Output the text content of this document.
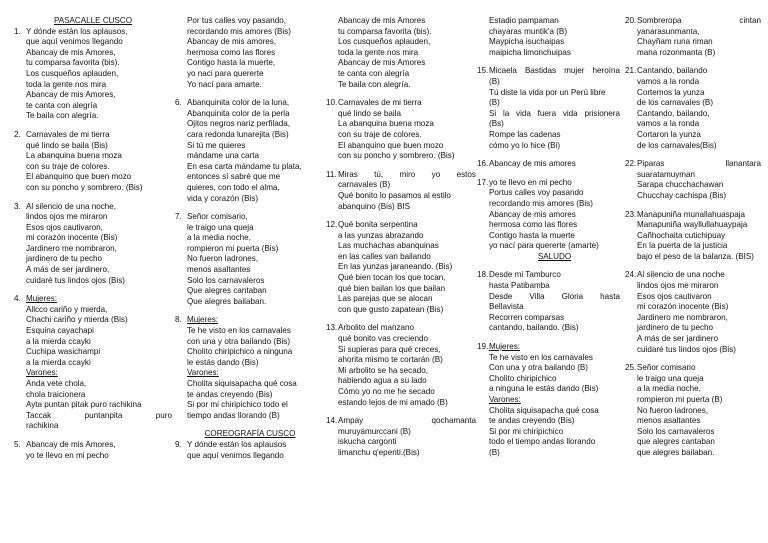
PASACALLE CUSCO
1. Y dónde están los aplausos,
que aquí venimos llegando
Abancay de mis Amores,
tu comparsa favorita (bis).
Los cusqueños aplauden,
toda la gente nos mira
Abancay de mis Amores,
te canta con alegría
Te baila con alegría.
2. Carnavales de mi tierra
qué lindo se baila (Bis)
La abanquina buena moza
con su traje de colores.
El abanquino que buen mozo
con su poncho y sombrero. (Bis)
3. Al silencio de una noche,
lindos ojos me miraron
Esos ojos cautivaron,
mi corazón inocente (Bis)
Jardinero me nombraron,
jardinero de tu pecho
A más de ser jardinero,
cuidaré tus lindos ojos (Bis)
4. Mujeres:
Allcco cariño y mierda,
Chachi cariño y mierda (Bis)
Esquina cayachapi
a la mierda ccayki
Cuchipa wasichampi
a la mierda ccayki
Varones:
Anda vete chola,
chola traicionera
Ayta puntan pitak puro rachikina
Taccak	puntanpita	puro
rachikina
5. Abancay de mis Amores,
yo te llevo en mi pecho
Por tus calles voy pasando,
recordando mis amores (Bis)
Abancay de mis amores,
hermosa como las flores
Contigo hasta la muerte,
yo naci para quererte
Yo nací para amarte.
6. Abanquinita color de la luna,
Abanquinita color de la perla
Ojitos negros nariz perfilada,
cara redonda lunarejita (Bis)
Si tú me quieres
mándame una carta
En esa carta mándame tu plata,
entonces sí sabré que me
quieres, con todo el alma,
vida y corazón (Bis)
7. Señor comisario,
le traigo una queja
a la media noche,
rompieron mi puerta (Bis)
No fueron ladrones,
menos asaltantes
Solo los carnavaleros
Que alegres cantaban
Que alegres bailaban.
8. Mujeres:
Te he visto en los carnavales
con una y otra bailando (Bis)
Cholito chiripichico a ninguna
le estás dando (Bis)
Varones:
Cholita siquisapacha qué cosa
te andas creyendo (Bis)
Si por mi chiripichico todo el
tiempo andas llorando (B)
COREOGRAFÍA CUSCO
9. Y dónde están los aplausos
que aquí venimos llegando
Abancay de mis Amores
tu comparsa favorita (bis).
Los cusqueños aplauden,
toda la gente nos mira
Abancay de mis Amores
te canta con alegría
Te baila con alegría.
10. Carnavales de mi tierra
qué lindo se baila
La abanquina buena moza
con su traje de colores.
El abanquino que buen mozo
con su poncho y sombrero. (Bis)
11. Miras tú, miro yo estos
carnavales (B)
Qué bonito lo pasamos al estilo
abanquino (Bis) BIS
12. Qué bonita serpentina
a las yunzas abrazando
Las muchachas abanquinas
en las calles van bailando
En las yunzas jaraneando. (Bis)
Qué bien tocan los que tocan,
qué bien bailan los que bailan
Las parejas que se alocan
con que gusto zapatean (Bis)
13. Arbolito del manzano
qué bonito vas creciendo
Si supieras para qué creces,
ahorita mismo te cortarán (B)
Mi arbolito se ha secado,
habiendo agua a su lado
Cómo yo no me he secado
estando lejos de mi amado (B)
14. Ampay	qochamanta
muruyamurccani (B)
iskucha cargonti
limanchu q'epenti.(Bis)
Estadio pampaman
chayaras muntik'a (B)
Maypicha isuchaipas
maipicha limonchuipas
15. Micaela Bastidas mujer heroína
(B)
Tú diste la vida por un Perú libre
(B)
Si la vida fuera vida prisionera
(Bs)
Rompe las cadenas
cómo yo lo hice (Bi)
16. Abancay de mis amores
17. yo te llevo en mi pecho
Portus calles voy pasando
recordando mis amores (Bis)
Abancay de mis amores
hermosa como las flores
Contigo hasta la muerte
yo nací para quererte (amarte)
SALUDO
18. Desde mi Tamburco
hasta Patibamba
Desde Villa Gloria hasta
Bellavista
Recorren comparsas
cantando, bailando. (Bis)
19. Mujeres:
Te he visto en los carnavales
Con una y otra bailando (B)
Cholito chiripichico
a ninguna le estás dando (Bis)
Varones:
Cholita siquisapacha qué cosa
te andas creyendo (Bis)
Si por mi chiripichico
todo el tiempo andas llorando
(B)
20. Sombreropa	cintan
yanarasunmanta,
Chayñam runa riman
mana rozonmanta (B)
21. Cantando, bailando
vamos a la ronda
Cortemos la yunza
de los carnavales (B)
Cantando, bailando,
vamos a la ronda
Cortaron la yunza
de los carnavales(Bis)
22. Piparas	llanantara
suaratamuyman
Sarapa chucchachawan
Chucchay cachispa (Bis)
23. Manapuniña munallahuaspaja
Manapuniña wayllullahuaypaja
Cañhochaita cutichipuay
En la puerta de la justicia
bajo el peso de la balanza. (BIS)
24. Al silencio de una noche
lindos ojos me miraron
Esos ojos cautivaron
mi corazón inocente (Bis)
Jardinero me nombraron,
jardinero de tu pecho
A más de ser jardinero
cuidaré tus lindos ojos (Bis)
25. Señor comisario
le traigo una queja
a la media noche,
rompieron mi puerta (B)
No fueron ladrones,
menos asaltantes
Solo los carnavaleros
que alegres cantaban
que alegres bailaban.
